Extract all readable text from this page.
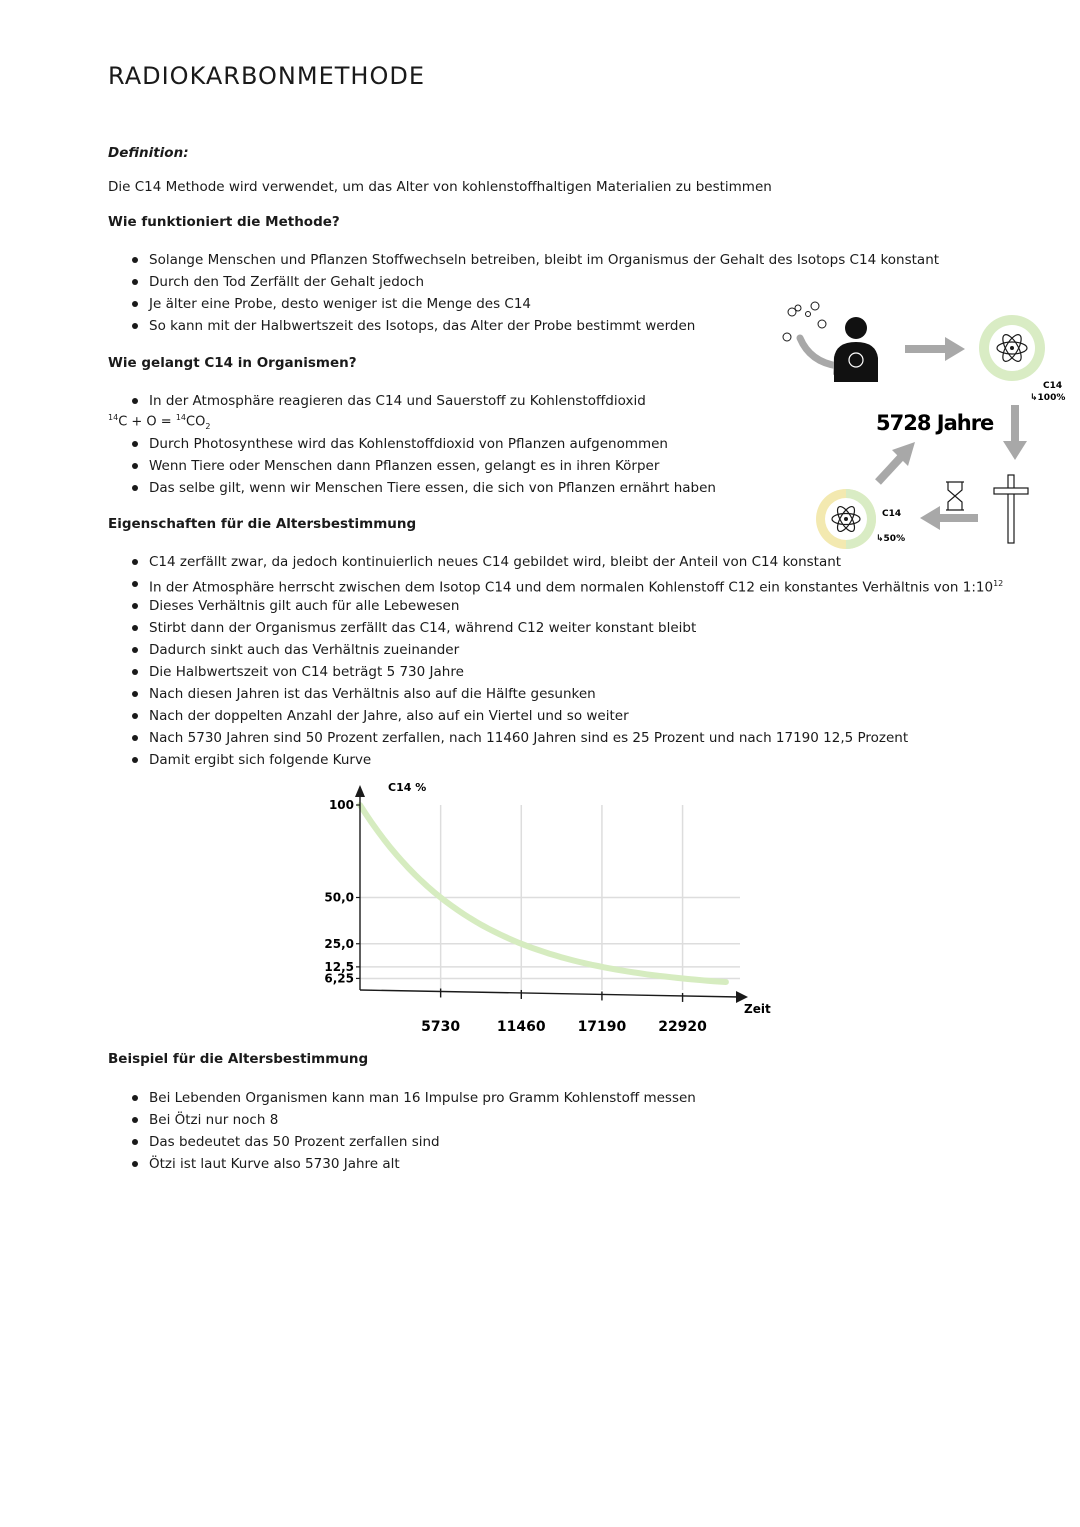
RADIOKARBONMETHODE
Definition:
Die C14 Methode wird verwendet, um das Alter von kohlenstoffhaltigen Materialien zu bestimmen
Wie funktioniert die Methode?
Solange Menschen und Pflanzen Stoffwechseln betreiben, bleibt im Organismus der Gehalt des Isotops C14 konstant
Durch den Tod Zerfällt der Gehalt jedoch
Je älter eine Probe, desto weniger ist die Menge des C14
So kann mit der Halbwertszeit des Isotops, das Alter der Probe bestimmt werden
Wie gelangt C14 in Organismen?
In der Atmosphäre reagieren das C14 und Sauerstoff zu Kohlenstoffdioxid
$^{14}C + O = ^{14}CO_2$
Durch Photosynthese wird das Kohlenstoffdioxid von Pflanzen aufgenommen
Wenn Tiere oder Menschen dann Pflanzen essen, gelangt es in ihren Körper
Das selbe gilt, wenn wir Menschen Tiere essen, die sich von Pflanzen ernährt haben
C14
↳100%
5728 Jahre
C14
↳50%
Eigenschaften für die Altersbestimmung
C14 zerfällt zwar, da jedoch kontinuierlich neues C14 gebildet wird, bleibt der Anteil von C14 konstant
In der Atmosphäre herrscht zwischen dem Isotop C14 und dem normalen Kohlenstoff C12 ein konstantes Verhältnis von $1:10^{12}$
Dieses Verhältnis gilt auch für alle Lebewesen
Stirbt dann der Organismus zerfällt das C14, während C12 weiter konstant bleibt
Dadurch sinkt auch das Verhältnis zueinander
Die Halbwertszeit von C14 beträgt 5 730 Jahre
Nach diesen Jahren ist das Verhältnis also auf die Hälfte gesunken
Nach der doppelten Anzahl der Jahre, also auf ein Viertel und so weiter
Nach 5730 Jahren sind 50 Prozent zerfallen, nach 11460 Jahren sind es 25 Prozent und nach 17190 12,5 Prozent
Damit ergibt sich folgende Kurve
C14 %
Zeit
100
50,0
25,0
12,5
6,25
5730	11460 17190 22920
Beispiel für die Altersbestimmung
Bei Lebenden Organismen kann man 16 Impulse pro Gramm Kohlenstoff messen
Bei Ötzi nur noch 8
Das bedeutet das 50 Prozent zerfallen sind
Ötzi ist laut Kurve also 5730 Jahre alt
